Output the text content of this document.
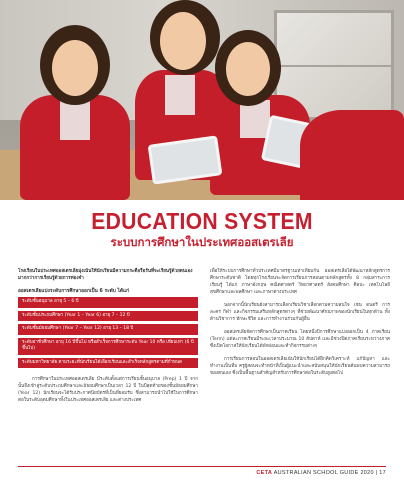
EDUCATION SYSTEM
ระบบการศึกษาในประเทศออสเตรเลีย

โรงเรียนในประเทศออสเตรเลียมุ่งเน้นให้นักเรียนมีความกระตือรือร้นที่จะเรียนรู้ด้วยตนเองมากกว่าการเรียนรู้ด้วยการท่องจำ

ออสเตรเลียแบ่งระดับการศึกษาออกเป็น 6 ระดับ ได้แก่

ระดับชั้นอนุบาล อายุ 5 – 6 ปี
ระดับชั้นประถมศึกษา (Year 1 – Year 6) อายุ 7 – 12 ปี
ระดับชั้นมัธยมศึกษา (Year 7 – Year 12) อายุ 13 – 18 ปี
ระดับอาชีวศึกษา อายุ 16 ปีขึ้นไป หรือสำเร็จการศึกษาระดับ Year 10 หรือ เทียบเท่า (6 ปีขึ้นไป)
ระดับมหาวิทยาลัย ตามระยะที่นักเรียนได้เลือกเรียนและสำเร็จหลักสูตรตามที่กำหนด

การศึกษาในประเทศออสเตรเลีย มีระดับตั้งแต่การเรียนชั้นอนุบาล (Prep) 1 ปี จากนั้นจึงเข้าสู่ระดับประถมศึกษาและมัธยมศึกษาเป็นเวลา 12 ปี ในปีสุดท้ายของชั้นมัธยมศึกษา (Year 12) นักเรียนจะได้รับประกาศนียบัตรที่เป็นที่ยอมรับ ซึ่งสามารถนำไปใช้ในการศึกษาต่อในระดับอุดมศึกษาทั้งในประเทศออสเตรเลีย และต่างประเทศ

เพื่อให้ระบบการศึกษาทั่วประเทศมีมาตรฐานเท่าเทียมกัน ออสเตรเลียได้พัฒนาหลักสูตรการศึกษาระดับชาติ โดยทุกโรงเรียนจะจัดการเรียนการสอนตามหลักสูตรทั้ง 8 กลุ่มสาระการเรียนรู้ ได้แก่ ภาษาอังกฤษ คณิตศาสตร์ วิทยาศาสตร์ สังคมศึกษา ศิลปะ เทคโนโลยี สุขศึกษาและพลศึกษา และภาษาต่างประเทศ

นอกจากนี้นักเรียนยังสามารถเลือกเรียนวิชาเลือกตามความสนใจ เช่น ดนตรี การละคร กีฬา และกิจกรรมเสริมหลักสูตรต่างๆ ที่ช่วยพัฒนาศักยภาพของนักเรียนในทุกด้าน ทั้งด้านวิชาการ ทักษะชีวิต และการทำงานร่วมกับผู้อื่น

ออสเตรเลียจัดการศึกษาเป็นภาคเรียน โดยหนึ่งปีการศึกษาแบ่งออกเป็น 4 ภาคเรียน (Term) แต่ละภาคเรียนมีระยะเวลาประมาณ 10 สัปดาห์ และมีช่วงปิดภาคเรียนระหว่างภาค ซึ่งเปิดโอกาสให้นักเรียนได้พักผ่อนและทำกิจกรรมต่างๆ

การเรียนการสอนในออสเตรเลียเน้นให้นักเรียนได้ฝึกคิดวิเคราะห์ แก้ปัญหา และทำงานเป็นทีม ครูผู้สอนจะทำหน้าที่เป็นผู้แนะนำและสนับสนุนให้นักเรียนค้นพบความสามารถของตนเอง ซึ่งเป็นพื้นฐานสำคัญสำหรับการศึกษาต่อในระดับสูงต่อไป

CETA AUSTRALIAN SCHOOL GUIDE 2020 | 17
